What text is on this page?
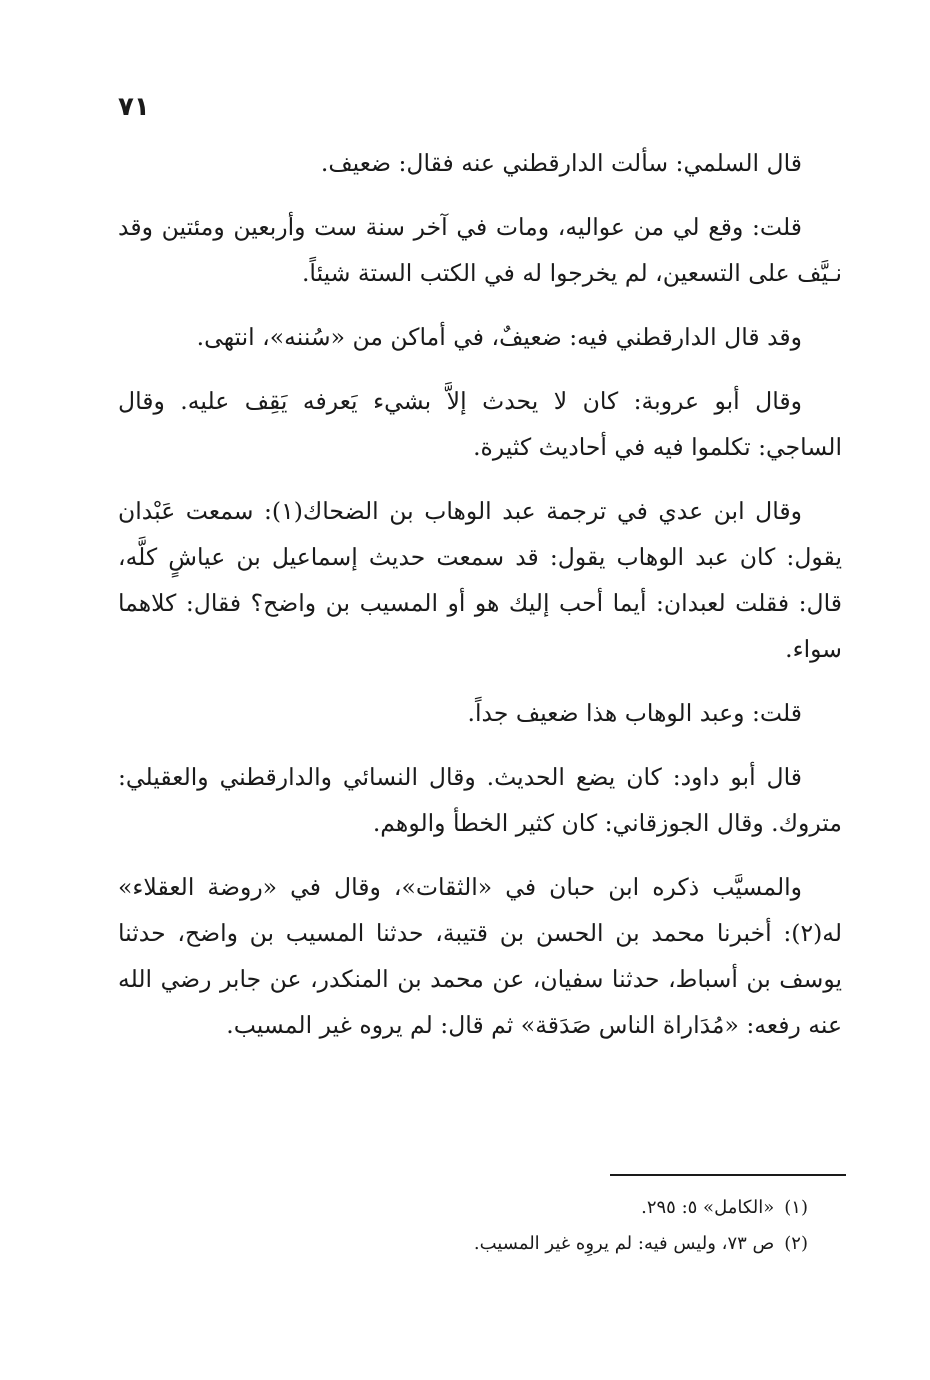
٧١

قال السلمي: سألت الدارقطني عنه فقال: ضعيف.

قلت: وقع لي من عواليه، ومات في آخر سنة ست وأربعين ومئتين وقد نـيَّف على التسعين، لم يخرجوا له في الكتب الستة شيئاً.

وقد قال الدارقطني فيه: ضعيفٌ، في أماكن من «سُننه»، انتهى.

وقال أبو عروبة: كان لا يحدث إلاَّ بشيء يَعرفه يَقِف عليه. وقال الساجي: تكلموا فيه في أحاديث كثيرة.

وقال ابن عدي في ترجمة عبد الوهاب بن الضحاك(١): سمعت عَبْدان يقول: كان عبد الوهاب يقول: قد سمعت حديث إسماعيل بن عياشٍ كلَّه، قال: فقلت لعبدان: أيما أحب إليك هو أو المسيب بن واضح؟ فقال: كلاهما سواء.

قلت: وعبد الوهاب هذا ضعيف جداً.

قال أبو داود: كان يضع الحديث. وقال النسائي والدارقطني والعقيلي: متروك. وقال الجوزقاني: كان كثير الخطأ والوهم.

والمسيَّب ذكره ابن حبان في «الثقات»، وقال في «روضة العقلاء» له(٢): أخبرنا محمد بن الحسن بن قتيبة، حدثنا المسيب بن واضح، حدثنا يوسف بن أسباط، حدثنا سفيان، عن محمد بن المنكدر، عن جابر رضي الله عنه رفعه: «مُدَاراة الناس صَدَقة» ثم قال: لم يروه غير المسيب.

(١)«الكامل» ٥: ٢٩٥.

(٢)ص ٧٣، وليس فيه: لم يروِه غير المسيب.
